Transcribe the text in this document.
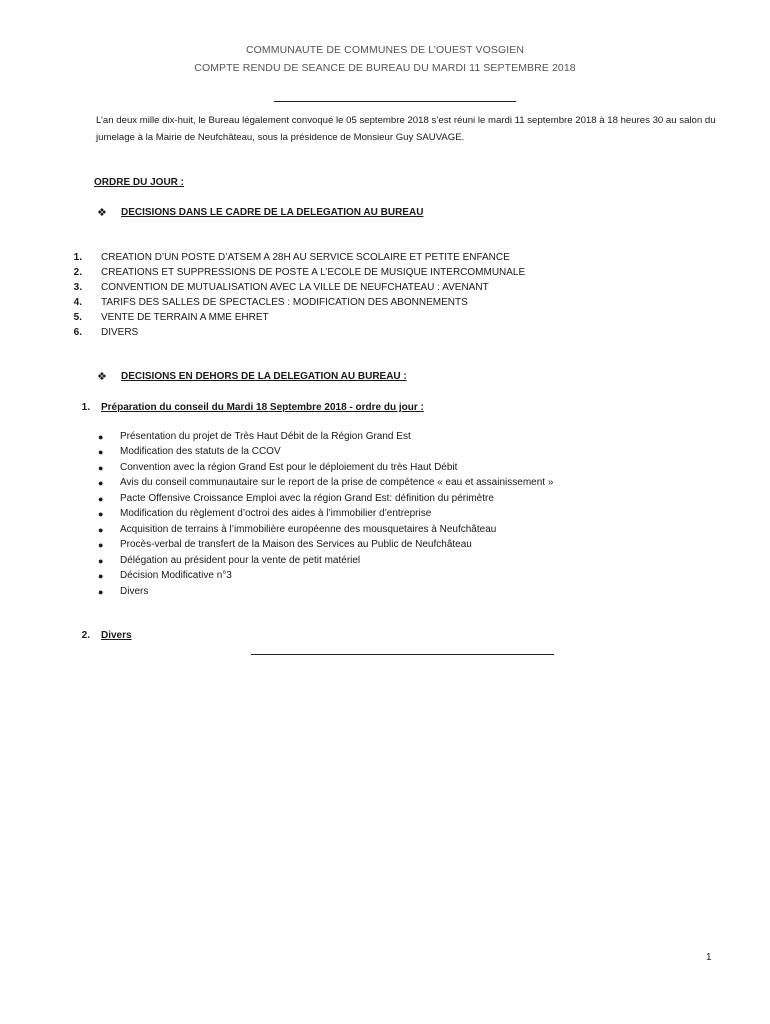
COMMUNAUTE DE COMMUNES DE L’OUEST VOSGIEN
COMPTE RENDU DE SEANCE DE BUREAU DU MARDI 11 SEPTEMBRE 2018
L’an deux mille dix-huit, le Bureau légalement convoqué le 05 septembre 2018 s’est réuni le mardi 11 septembre 2018 à 18 heures 30 au salon du jumelage à la Mairie de Neufchâteau, sous la présidence de Monsieur Guy SAUVAGE.
ORDRE DU JOUR :
❖ DECISIONS DANS LE CADRE DE LA DELEGATION AU BUREAU
1. CREATION D’UN POSTE D’ATSEM A 28H AU SERVICE SCOLAIRE ET PETITE ENFANCE
2. CREATIONS ET SUPPRESSIONS DE POSTE A L’ECOLE DE MUSIQUE INTERCOMMUNALE
3. CONVENTION DE MUTUALISATION AVEC LA VILLE DE NEUFCHATEAU : AVENANT
4. TARIFS DES SALLES DE SPECTACLES : MODIFICATION DES ABONNEMENTS
5. VENTE DE TERRAIN A MME EHRET
6. DIVERS
❖ DECISIONS EN DEHORS DE LA DELEGATION AU BUREAU :
1. Préparation du conseil du Mardi 18 Septembre 2018 - ordre du jour :
● Présentation du projet de Très Haut Débit de la Région Grand Est
● Modification des statuts de la CCOV
● Convention avec la région Grand Est pour le déploiement du très Haut Débit
● Avis du conseil communautaire sur le report de la prise de compétence « eau et assainissement »
● Pacte Offensive Croissance Emploi avec la région Grand Est: définition du périmètre
● Modification du règlement d’octroi des aides à l’immobilier d’entreprise
● Acquisition de terrains à l’immobilière européenne des mousquetaires à Neufchâteau
● Procès-verbal de transfert de la Maison des Services au Public de Neufchâteau
● Délégation au président pour la vente de petit matériel
● Décision Modificative n°3
● Divers
2. Divers
1
